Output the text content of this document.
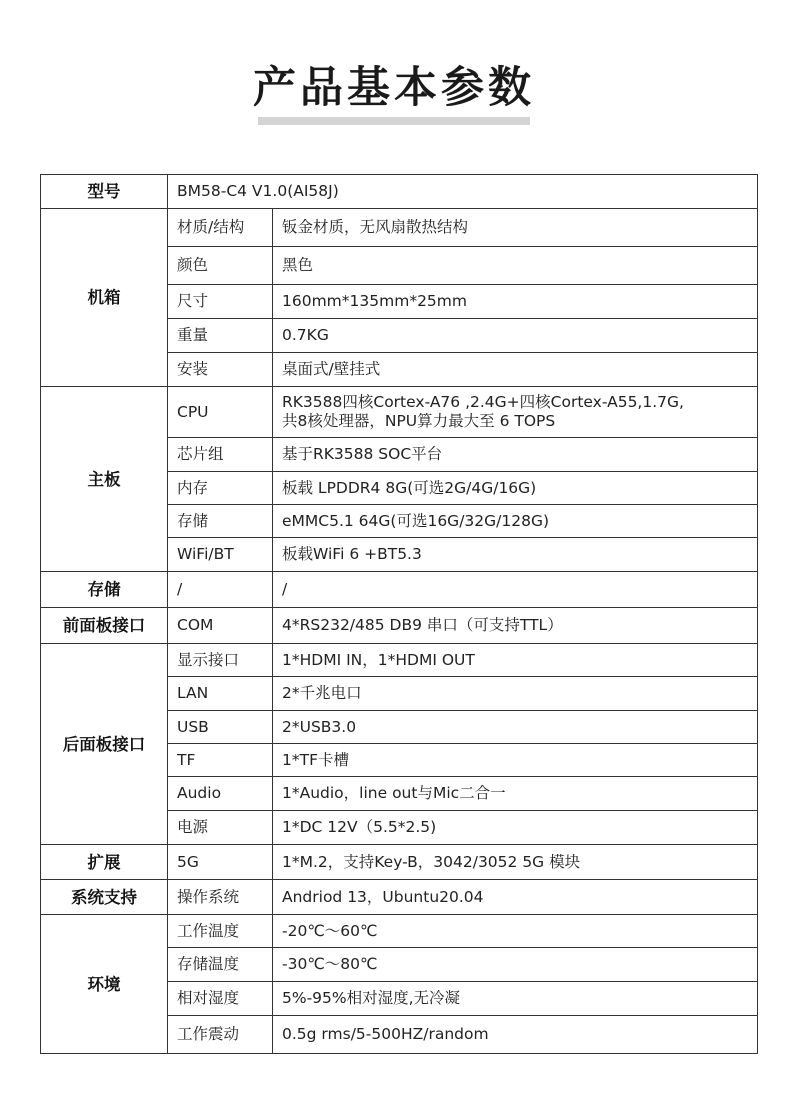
产品基本参数
型号	BM58-C4 V1.0(AI58J)	
机箱	材质/结构	钣金材质，无风扇散热结构
	颜色	黑色
	尺寸	160mm*135mm*25mm
	重量	0.7KG
	安装	桌面式/壁挂式
主板	CPU	RK3588四核Cortex-A76 ,2.4G+四核Cortex-A55,1.7G,
共8核处理器，NPU算力最大至 6 TOPS

	芯片组	基于RK3588 SOC平台
	内存	板载 LPDDR4 8G(可选2G/4G/16G)
	存储	eMMC5.1 64G(可选16G/32G/128G)
	WiFi/BT	板载WiFi 6 +BT5.3
存储	/	/
前面板接口	COM	4*RS232/485 DB9 串口（可支持TTL）
后面板接口	显示接口	1*HDMI IN，1*HDMI OUT
	LAN	2*千兆电口
	USB	2*USB3.0
	TF	1*TF卡槽
	Audio	1*Audio，line out与Mic二合一
	电源	1*DC 12V（5.5*2.5)
扩展	5G	1*M.2，支持Key-B，3042/3052 5G 模块
系统支持	操作系统	Andriod 13，Ubuntu20.04
环境	工作温度	-20℃～60℃
	存储温度	-30℃～80℃
	相对湿度	5%-95%相对湿度,无冷凝
	工作震动	0.5g rms/5-500HZ/random
